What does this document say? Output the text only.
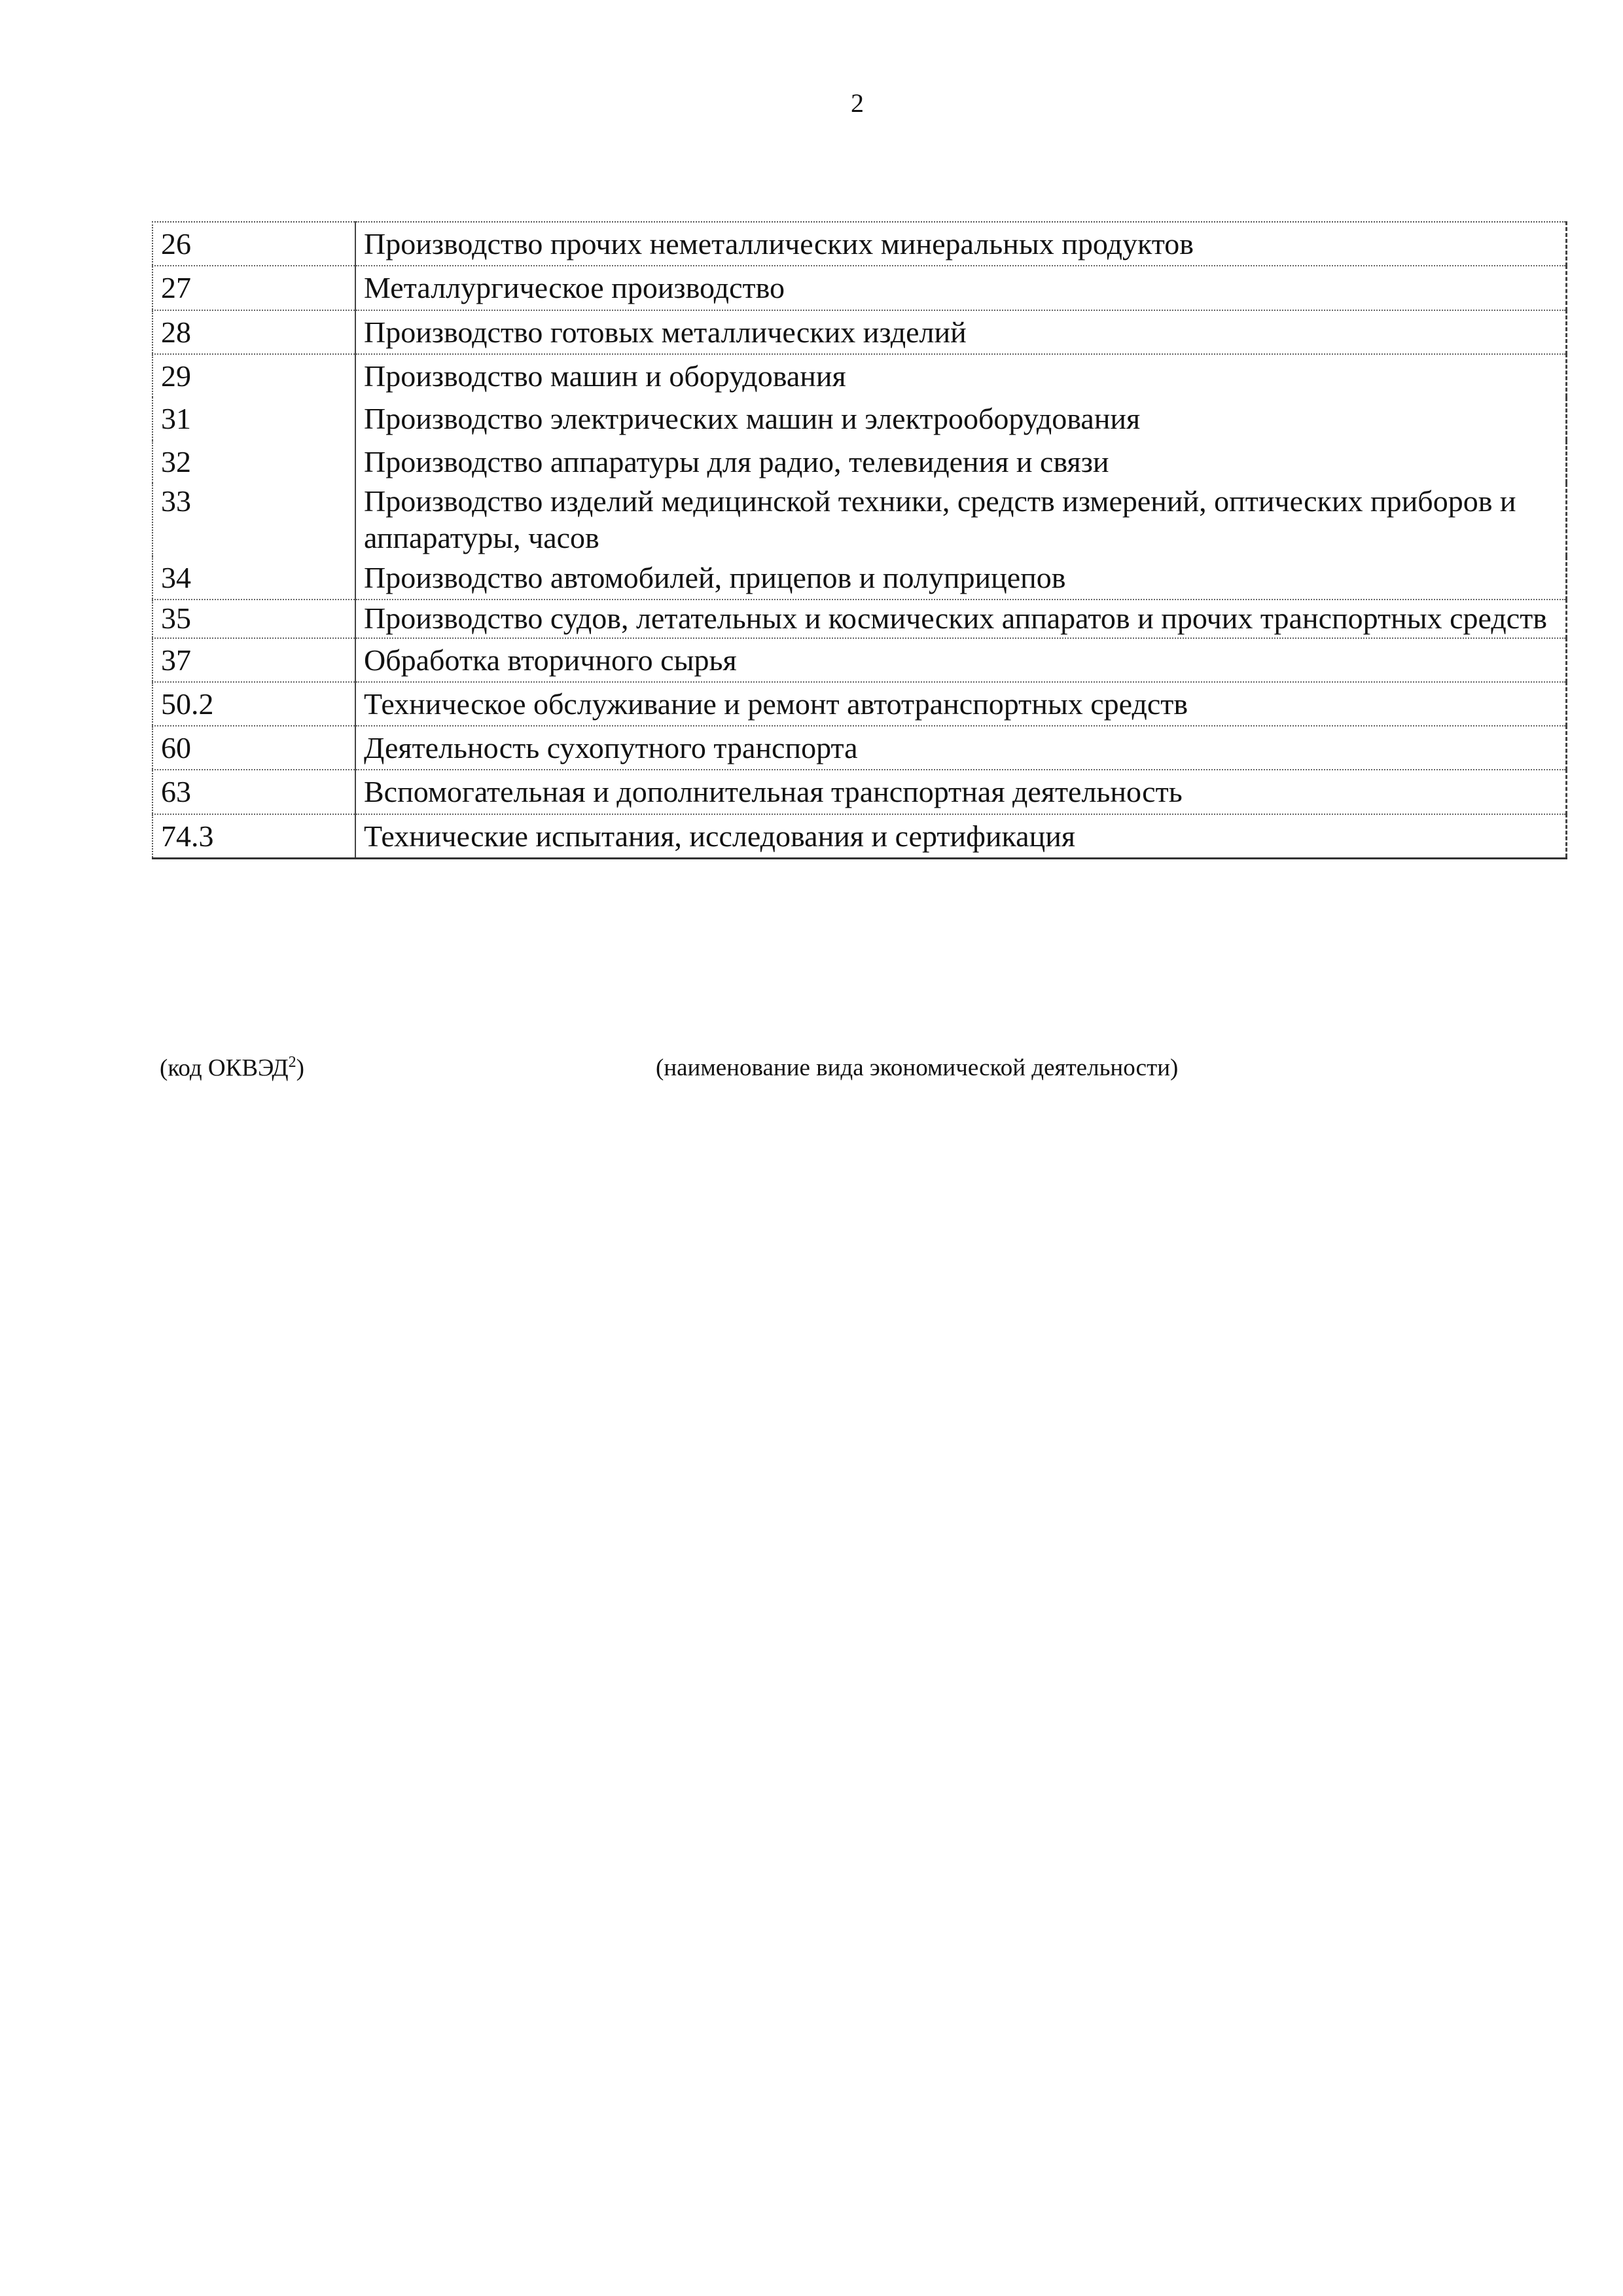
2
26	Производство прочих неметаллических минеральных продуктов
27	Металлургическое производство
28	Производство готовых металлических изделий
29	Производство машин и оборудования
31	Производство электрических машин и электрооборудования
32	Производство аппаратуры для радио, телевидения и связи
33	Производство изделий медицинской техники, средств измерений, оптических приборов и аппаратуры, часов
34	Производство автомобилей, прицепов и полуприцепов
35	Производство судов, летательных и космических аппаратов и прочих транспортных средств
37	Обработка вторичного сырья
50.2	Техническое обслуживание и ремонт автотранспортных средств
60	Деятельность сухопутного транспорта
63	Вспомогательная и дополнительная транспортная деятельность
74.3	Технические испытания, исследования и сертификация
(код ОКВЭД$^2$)	(наименование вида экономической деятельности)
